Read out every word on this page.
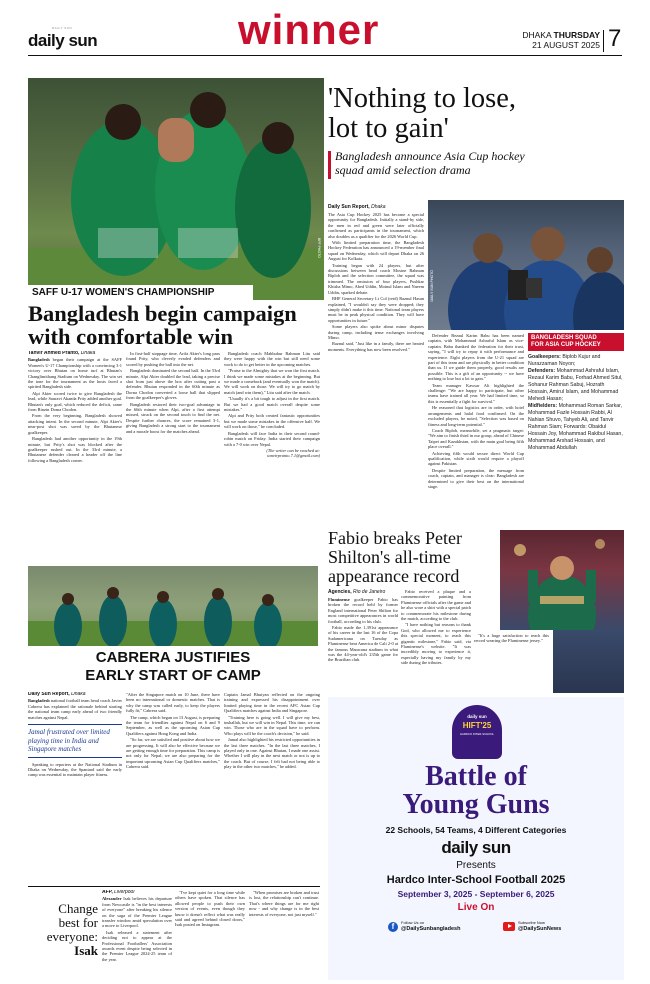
DAILY SUN
daily sun	winner	DHAKA THURSDAY
21 AUGUST 2025 7
BFF PHOTO
SAFF U-17 WOMEN'S CHAMPIONSHIP
Bangladesh begin campaign
with comfortable win
Tanvir Ahmed Pranto, Dhaka

Bangladesh began their campaign at the SAFF Women's U-17 Championship with a convincing 3-1 victory over Bhutan on home turf at Bhutan's Changlimithang Stadium on Wednesday. The win set the tone for the tournament as the hosts faced a spirited Bangladesh side.

Alpi Akter scored twice to give Bangladesh the lead, while Sauravi Akanda Prity added another goal. Bhutan's only goal, which reduced the deficit, came from Rinzin Doma Chodon.

From the very beginning, Bangladesh showed attacking intent. In the second minute, Alpi Akter's near-post shot was saved by the Bhutanese goalkeeper.

Bangladesh had another opportunity in the 19th minute, but Prity's shot was blocked after the goalkeeper rushed out. In the 33rd minute, a Bhutanese defender cleared a header off the line following a Bangladesh corner.

In first-half stoppage time, Arifa Akter's long pass found Prity, who cleverly evaded defenders and scored by pushing the ball into the net.

Bangladesh dominated the second half. In the 53rd minute, Alpi Akter doubled the lead, taking a precise shot from just above the box after cutting past a defender. Bhutan responded in the 60th minute as Dorna Chodon converted a loose ball that slipped from the goalkeeper's gloves.

Bangladesh restored their two-goal advantage in the 66th minute when Alpi, after a first attempt missed, struck on the second touch to find the net. Despite further chances, the score remained 3-1, giving Bangladesh a strong start to the tournament and a morale boost for the matches ahead.

Bangladesh coach Mahbubur Rahman Litu said they were happy with the win but still need some work to do to get better in the upcoming matches.

"Praise to the Almighty that we won the first match. I think we made some mistakes at the beginning. But we made a comeback (and eventually won the match). We will work on those. We will try to go match by match (and win them)," Litu said after the match.

"Usually it's a bit tough to adjust in the first match. But we had a good match overall despite some mistakes."

Alpi and Prity both created fantastic opportunities but we made some mistakes in the offensive half. We will work on those," he concluded.

Bangladesh will face India in their second round-robin match on Friday. India started their campaign with a 7-0 win over Nepal.

(The writer can be reached at: tanvirpranto.7.1@gmail.com)

'Nothing to lose,
lot to gain'
Bangladesh announce Asia Cup hockey
squad amid selection drama
Daily Sun Report, Dhaka

The Asia Cup Hockey 2025 has become a special opportunity for Bangladesh. Initially a stand-by side, the men in red and green were later officially confirmed as participants in the tournament, which also doubles as a qualifier for the 2026 World Cup.

With limited preparation time, the Bangladesh Hockey Federation has announced a 19-member final squad on Wednesday, which will depart Dhaka on 26 August for Kolkata.

Training began with 24 players, but after discussions between head coach Mosine Rahman Biplob and the selection committee, the squad was trimmed. The omission of four players, Pushkar Khisha Mimo, Abed Uddin, Moinul Islam and Naeem Uddin, sparked debate.

BHF General Secretary Lt Col (retd) Raznul Hasan explained, "I wouldn't say they were dropped; they simply didn't make it this time. National team players must be in peak physical condition. They will have opportunities in future."

Some players also spoke about minor disputes during camp, including tense exchanges involving Mimo.

Raznul said, "Just like in a family, there are heated moments. Everything has now been resolved."

DAILY SUN PHOTO

Defender Rezaul Karim Babu has been named captain, with Mohammad Ashraful Islam as vice-captain. Babu thanked the federation for their trust, saying, "I will try to repay it with performance and experience. Eight players from the U-21 squad are part of this team and are physically in better condition than us. If we guide them properly, good results are possible. This is a gift of an opportunity -- we have nothing to lose but a lot to gain."

Team manager Kawsar Ali highlighted the challenge: "We are happy to participate, but other teams have trained all year. We had limited time, so this is essentially a fight for survival."

He reasoned that logistics are in order, with hotel arrangements and halal food confirmed. On the excluded players, he noted, "Selection was based on fitness and long-term potential."

Coach Biplob, meanwhile, set a pragmatic target: "We aim to finish third in our group, ahead of Chinese Taipei and Kazakhstan, with the main goal being fifth place overall."

Achieving fifth would secure direct World Cup qualification, while sixth would require a playoff against Pakistan.

Despite limited preparation, the message from coach, captain, and manager is clear: Bangladesh are determined to give their best on the international stage.

BANGLADESH SQUAD
FOR ASIA CUP HOCKEY
Goalkeepers: Biplob Kujur and Nurazzaman Noyon;
Defenders: Mohammad Ashraful Islam, Rezaul Karim Babu, Forhad Ahmed Situl, Sohanur Rahman Sabuj, Hozrath Hossain, Amirul Islam, and Mohammad Mehedi Hasan;
Midfielders: Mohammad Roman Sarkar, Mohammad Fazle Hossain Rabbi, Al Nahian Shuvo, Tahyeb Ali, and Tanvir Rahman Siam; Forwards: Obaidul Hossain Joy, Mohammad Rakibul Hasan, Mohammad Arshad Hossain, and Mohammad Abdullah
CABRERA JUSTIFIES
EARLY START OF CAMP
Daily Sun Report, Dhaka

Bangladesh national football team head coach Javier Cabrera has explained the rationale behind starting the national team camp early ahead of two friendly matches against Nepal.

Jamal frustrated over limited playing time in India and Singapore matches

Speaking to reporters at the National Stadium in Dhaka on Wednesday, the Spaniard said the early camp was essential to maintain player fitness.

"After the Singapore match on 10 June, there have been no international or domestic matches. That is why the camp was called early, to keep the players fully fit," Cabrera said.

The camp, which began on 13 August, is preparing the team for friendlies against Nepal on 6 and 9 September, as well as the upcoming Asian Cup Qualifiers against Hong Kong and India.

"So far, we are satisfied and positive about how we are progressing. It will also be effective because we are getting enough time for preparation. This camp is not only for Nepal; we are also preparing for the important upcoming Asian Cup Qualifiers matches," Cabrera said.

Captain Jamal Bhuiyan reflected on the ongoing training and expressed his disappointment over limited playing time in the recent AFC Asian Cup Qualifiers matches against India and Singapore.

"Training here is going well. I will give my best, inshallah, but we will win in Nepal. This time, we can win. Those who are in the squad have to perform. Who plays will be the coach's decision," he said.

Jamal also highlighted his restricted opportunities in the last three matches. "In the last three matches, I played only in one. Against Bhutan, I made one assist. Whether I will play in the next match or not is up to the coach. But of course, I felt bad not being able to play in the other two matches," he added.

Fabio breaks Peter
Shilton's all-time
appearance record
Agencies, Rio de Janeiro

Fluminense goalkeeper Fabio has broken the record held by former England international Peter Shilton for most competitive appearances in world football, according to his club.

Fabio made the 1,391st appearance of his career in the last 16 of the Copa Sudamericana on Tuesday as Fluminense beat America de Cali 2-0 at the famous Maracana stadium in what was the 44-year-old's 235th game for the Brazilian club.

Fabio received a plaque and a commemorative painting from Fluminense officials after the game and he also wore a shirt with a special patch to commemorate his milestone during the match, according to the club.

"I have nothing but reasons to thank God, who allowed me to experience this special moment, to reach this gigantic milestone," Fabio said, via Fluminense's website. "It was incredibly moving to experience it, especially having my family by my side during the tributes.

"It's a huge satisfaction to reach this record wearing the Fluminense jersey."

Change
best for
everyone:
Isak
AFP, Liverpool

Alexander Isak believes his departure from Newcastle is "in the best interests of everyone" after breaking his silence on the saga of the Premier League transfer window amid speculation over a move to Liverpool.

Isak released a statement after deciding not to appear at the Professional Footballers' Association awards event despite being selected in the Premier League 2024-25 team of the year.

"I've kept quiet for a long time while others have spoken. That silence has allowed people to push their own version of events, even though they know it doesn't reflect what was really said and agreed behind closed doors," Isak posted on Instagram.

"When promises are broken and trust is lost, the relationship can't continue. That's where things are for me right now - and why change is in the best interests of everyone, not just myself."

daily sun
HIFT'25
HARDCO INTER-SCHOOL
Battle of
Young Guns
22 Schools, 54 Teams, 4 Different Categories
daily sun
Presents
Hardco Inter-School Football 2025
September 3, 2025 - September 6, 2025
Live On
f	Follow Us on
@DailySunbangladesh
Subscribe Now
@DailySunNews
